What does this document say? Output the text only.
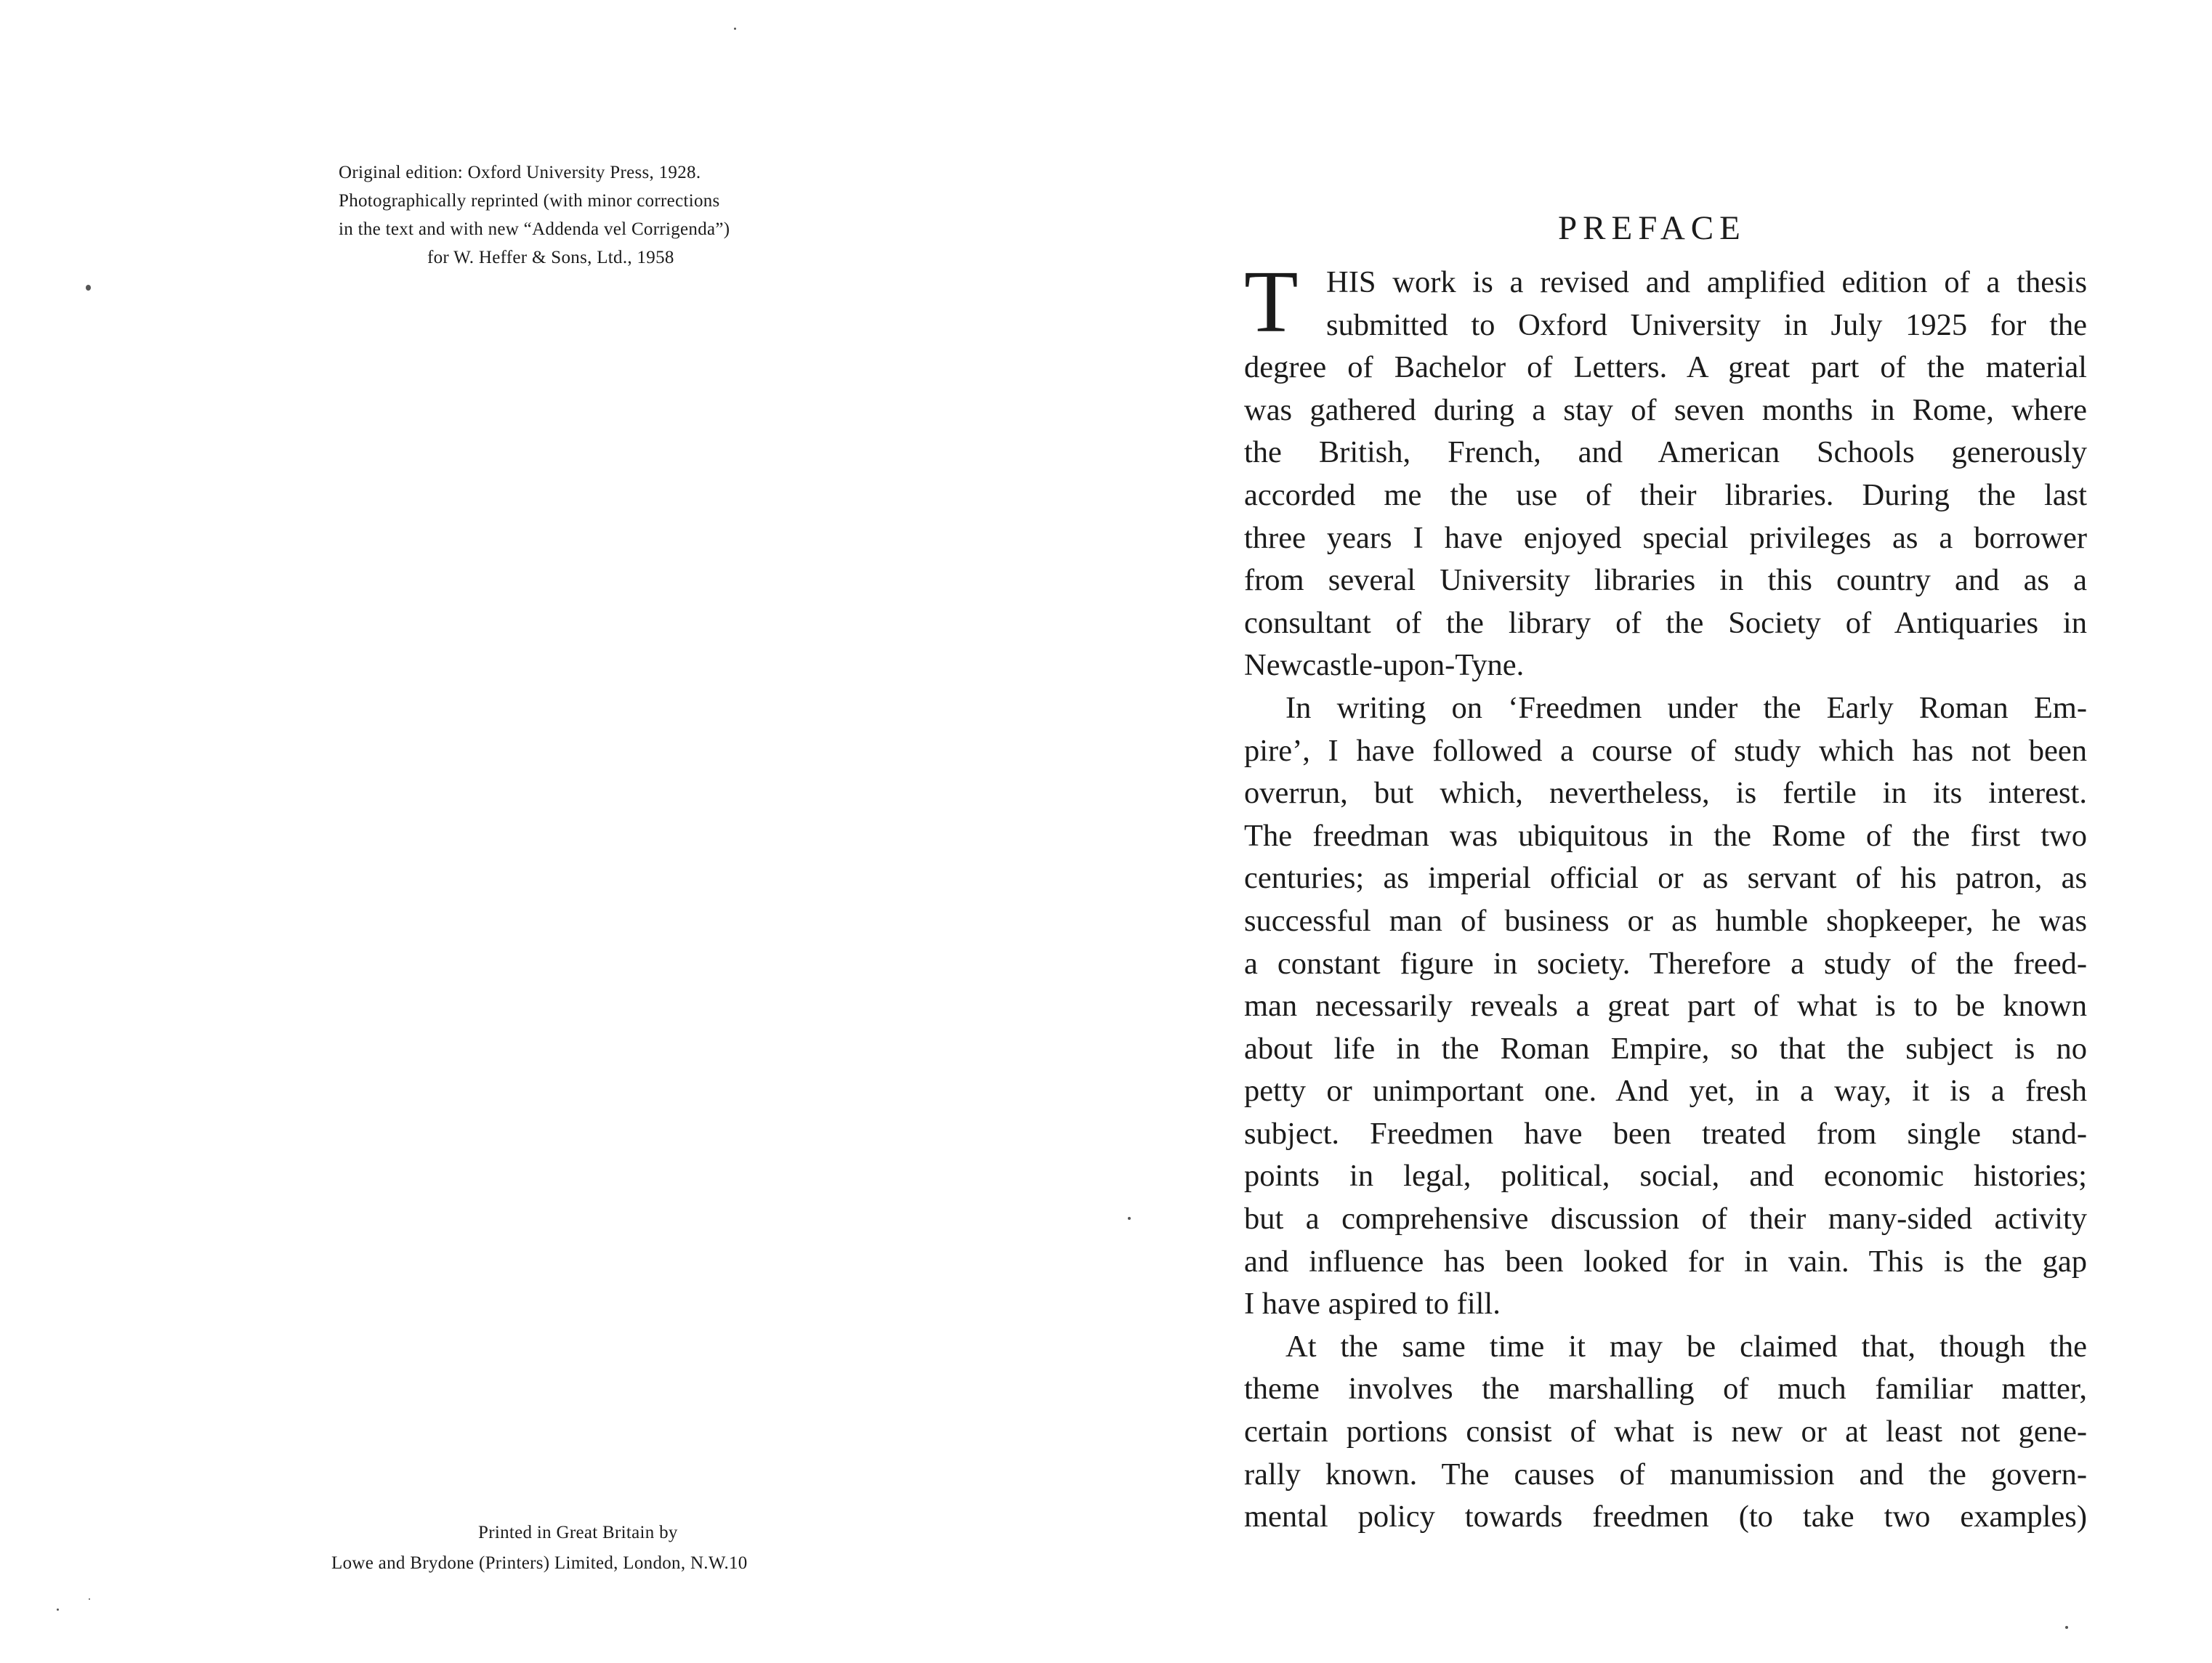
Original edition: Oxford University Press, 1928.
Photographically reprinted (with minor corrections
in the text and with new “Addenda vel Corrigenda”)
for W. Heffer & Sons, Ltd., 1958
Printed in Great Britain by
Lowe and Brydone (Printers) Limited, London, N.W.10
PREFACE
T HIS work is a revised and amplified edition of a thesis
submitted to Oxford University in July 1925 for the
degree of Bachelor of Letters. A great part of the material
was gathered during a stay of seven months in Rome, where
the British, French, and American Schools generously
accorded me the use of their libraries. During the last
three years I have enjoyed special privileges as a borrower
from several University libraries in this country and as a
consultant of the library of the Society of Antiquaries in
Newcastle-upon-Tyne.
In writing on ‘Freedmen under the Early Roman Em-
pire’, I have followed a course of study which has not been
overrun, but which, nevertheless, is fertile in its interest.
The freedman was ubiquitous in the Rome of the first two
centuries; as imperial official or as servant of his patron, as
successful man of business or as humble shopkeeper, he was
a constant figure in society. Therefore a study of the freed-
man necessarily reveals a great part of what is to be known
about life in the Roman Empire, so that the subject is no
petty or unimportant one. And yet, in a way, it is a fresh
subject. Freedmen have been treated from single stand-
points in legal, political, social, and economic histories;
but a comprehensive discussion of their many-sided activity
and influence has been looked for in vain. This is the gap
I have aspired to fill.
At the same time it may be claimed that, though the
theme involves the marshalling of much familiar matter,
certain portions consist of what is new or at least not gene-
rally known. The causes of manumission and the govern-
mental policy towards freedmen (to take two examples)
